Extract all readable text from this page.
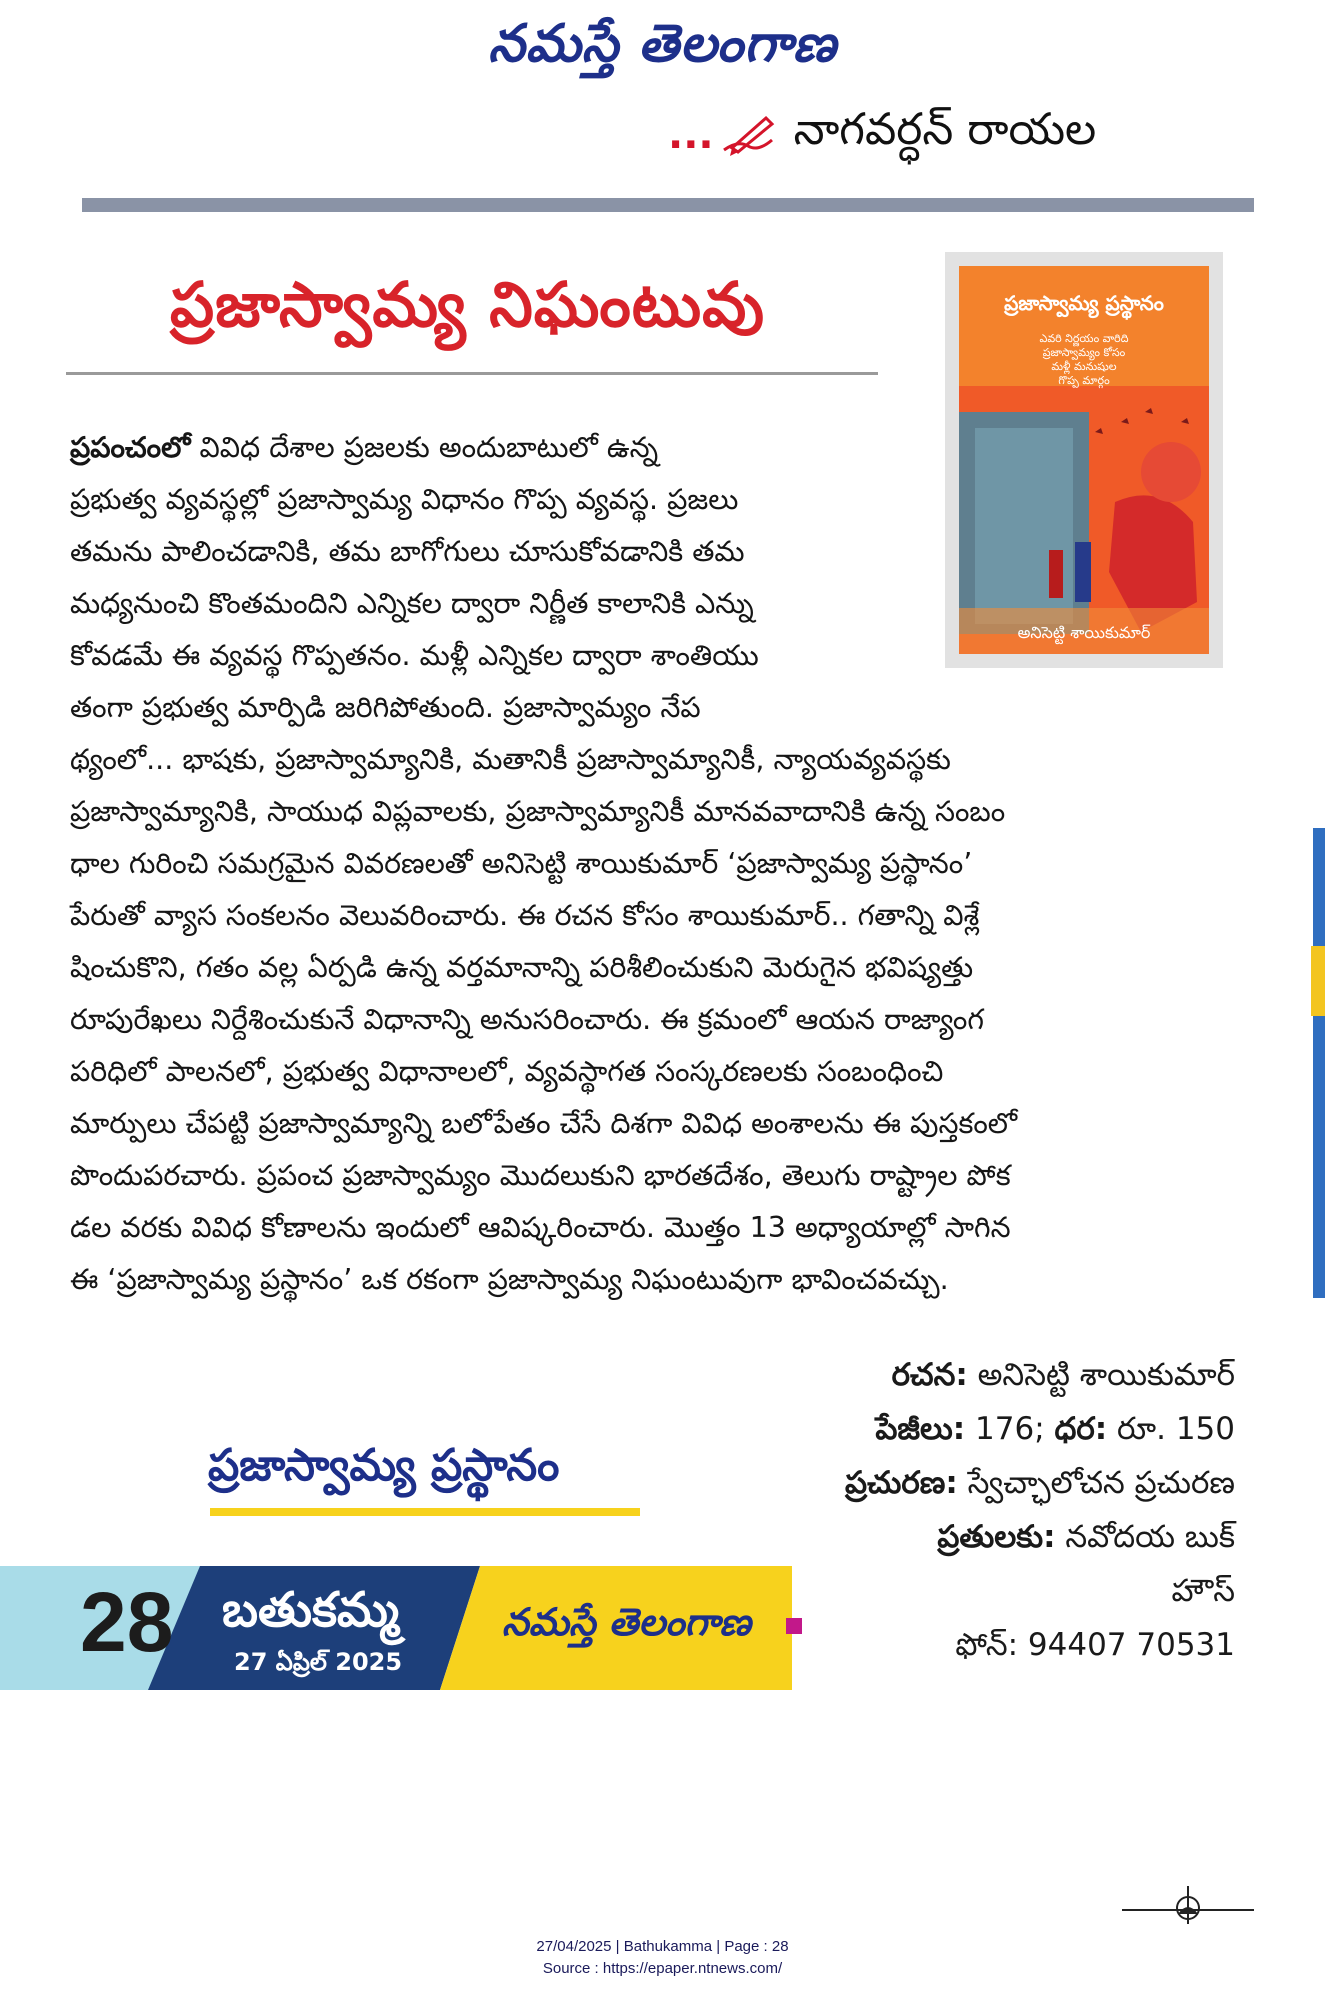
నమస్తే తెలంగాణ
... నాగవర్ధన్ రాయల
ప్రజాస్వామ్య నిఘంటువు	ప్రజాస్వామ్య ప్రస్థానం
ఎవరి నిర్ణయం వారిది
ప్రజాస్వామ్యం కోసం
మళ్లీ మనుషుల
గొప్ప మార్గం
అనిసెట్టి శాయికుమార్
ప్రపంచంలో వివిధ దేశాల ప్రజలకు అందుబాటులో ఉన్న
ప్రభుత్వ వ్యవస్థల్లో ప్రజాస్వామ్య విధానం గొప్ప వ్యవస్థ. ప్రజలు
తమను పాలించడానికి, తమ బాగోగులు చూసుకోవడానికి తమ
మధ్యనుంచి కొంతమందిని ఎన్నికల ద్వారా నిర్ణీత కాలానికి ఎన్ను
కోవడమే ఈ వ్యవస్థ గొప్పతనం. మళ్లీ ఎన్నికల ద్వారా శాంతియు
తంగా ప్రభుత్వ మార్పిడి జరిగిపోతుంది. ప్రజాస్వామ్యం నేప
థ్యంలో... భాషకు, ప్రజాస్వామ్యానికి, మతానికీ ప్రజాస్వామ్యానికీ, న్యాయవ్యవస్థకు
ప్రజాస్వామ్యానికి, సాయుధ విప్లవాలకు, ప్రజాస్వామ్యానికీ మానవవాదానికి ఉన్న సంబం
ధాల గురించి సమగ్రమైన వివరణలతో అనిసెట్టి శాయికుమార్ ‘ప్రజాస్వామ్య ప్రస్థానం’
పేరుతో వ్యాస సంకలనం వెలువరించారు. ఈ రచన కోసం శాయికుమార్.. గతాన్ని విశ్లే
షించుకొని, గతం వల్ల ఏర్పడి ఉన్న వర్తమానాన్ని పరిశీలించుకుని మెరుగైన భవిష్యత్తు
రూపురేఖలు నిర్దేశించుకునే విధానాన్ని అనుసరించారు. ఈ క్రమంలో ఆయన రాజ్యాంగ
పరిధిలో పాలనలో, ప్రభుత్వ విధానాలలో, వ్యవస్థాగత సంస్కరణలకు సంబంధించి
మార్పులు చేపట్టి ప్రజాస్వామ్యాన్ని బలోపేతం చేసే దిశగా వివిధ అంశాలను ఈ పుస్తకంలో
పొందుపరచారు. ప్రపంచ ప్రజాస్వామ్యం మొదలుకుని భారతదేశం, తెలుగు రాష్ట్రాల పోక
డల వరకు వివిధ కోణాలను ఇందులో ఆవిష్కరించారు. మొత్తం 13 అధ్యాయాల్లో సాగిన
ఈ ‘ప్రజాస్వామ్య ప్రస్థానం’ ఒక రకంగా ప్రజాస్వామ్య నిఘంటువుగా భావించవచ్చు.
రచన: అనిసెట్టి శాయికుమార్
పేజీలు: 176; ధర: రూ. 150
ప్రచురణ: స్వేచ్ఛాలోచన ప్రచురణ
ప్రతులకు: నవోదయ బుక్
హౌస్
ఫోన్: 94407 70531
ప్రజాస్వామ్య ప్రస్థానం
28 బతుకమ్మ
27 ఏప్రిల్ 2025
నమస్తే తెలంగాణ
27/04/2025 | Bathukamma | Page : 28
Source : https://epaper.ntnews.com/
